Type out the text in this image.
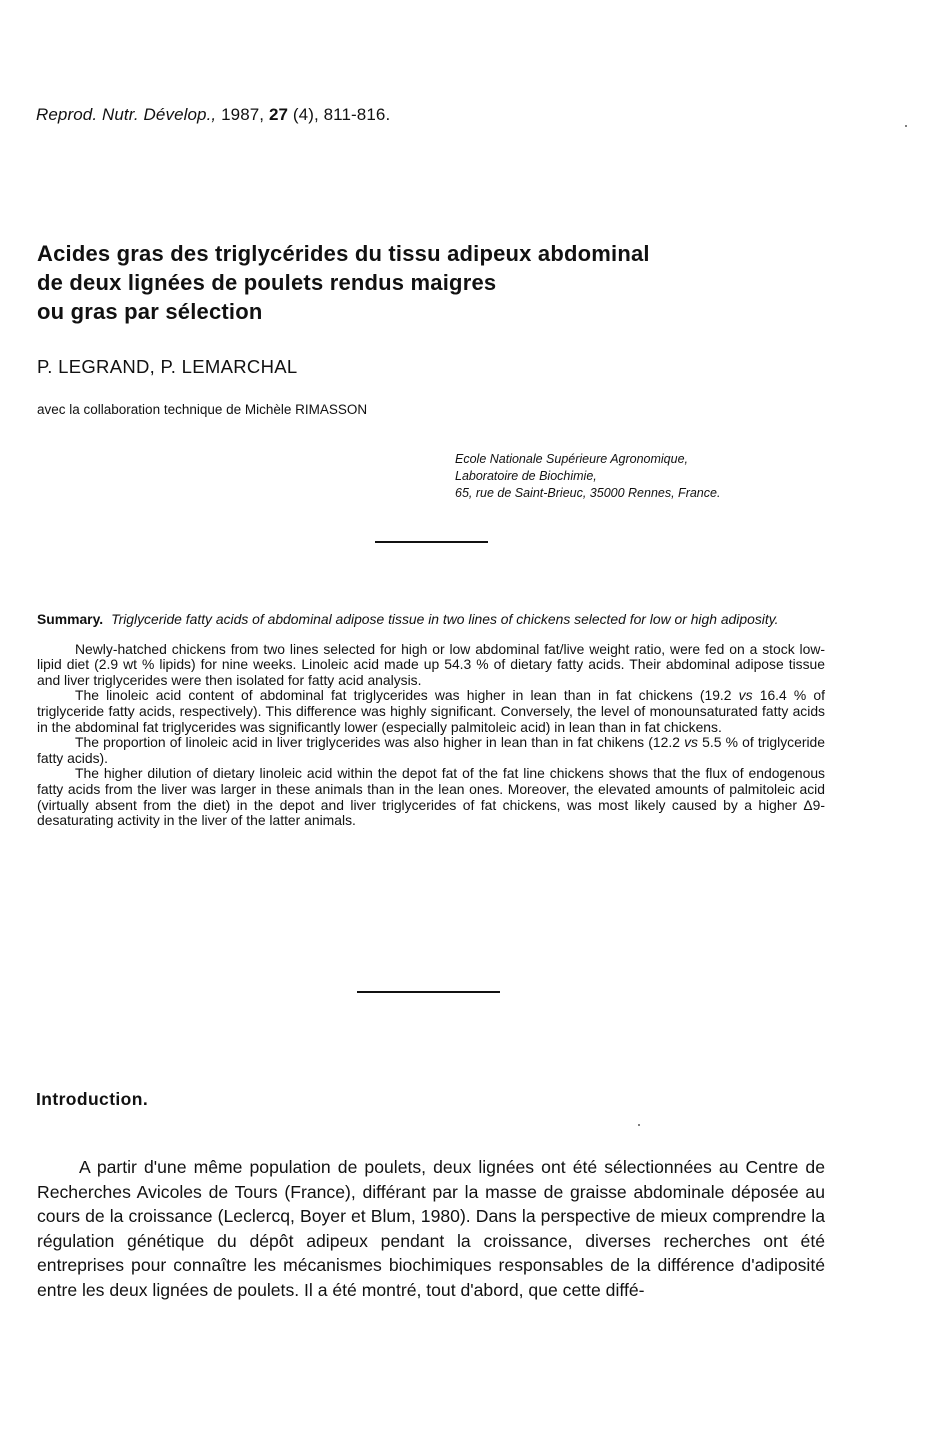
Reprod. Nutr. Dévelop., 1987, 27 (4), 811-816.
Acides gras des triglycérides du tissu adipeux abdominal
de deux lignées de poulets rendus maigres
ou gras par sélection
P. LEGRAND, P. LEMARCHAL
avec la collaboration technique de Michèle RIMASSON
Ecole Nationale Supérieure Agronomique,
Laboratoire de Biochimie,
65, rue de Saint-Brieuc, 35000 Rennes, France.

Summary. Triglyceride fatty acids of abdominal adipose tissue in two lines of chickens selected for low or high adiposity.

Newly-hatched chickens from two lines selected for high or low abdominal fat/live weight ratio, were fed on a stock low-lipid diet (2.9 wt % lipids) for nine weeks. Linoleic acid made up 54.3 % of dietary fatty acids. Their abdominal adipose tissue and liver triglycerides were then isolated for fatty acid analysis.

The linoleic acid content of abdominal fat triglycerides was higher in lean than in fat chickens (19.2 vs 16.4 % of triglyceride fatty acids, respectively). This difference was highly significant. Conversely, the level of monounsaturated fatty acids in the abdominal fat triglycerides was significantly lower (especially palmitoleic acid) in lean than in fat chickens.

The proportion of linoleic acid in liver triglycerides was also higher in lean than in fat chikens (12.2 vs 5.5 % of triglyceride fatty acids).

The higher dilution of dietary linoleic acid within the depot fat of the fat line chickens shows that the flux of endogenous fatty acids from the liver was larger in these animals than in the lean ones. Moreover, the elevated amounts of palmitoleic acid (virtually absent from the diet) in the depot and liver triglycerides of fat chickens, was most likely caused by a higher Δ9-desaturating activity in the liver of the latter animals.

Introduction.

A partir d'une même population de poulets, deux lignées ont été sélectionnées au Centre de Recherches Avicoles de Tours (France), différant par la masse de graisse abdominale déposée au cours de la croissance (Leclercq, Boyer et Blum, 1980). Dans la perspective de mieux comprendre la régulation génétique du dépôt adipeux pendant la croissance, diverses recherches ont été entreprises pour connaître les mécanismes biochimiques responsables de la différence d'adiposité entre les deux lignées de poulets. Il a été montré, tout d'abord, que cette diffé-
